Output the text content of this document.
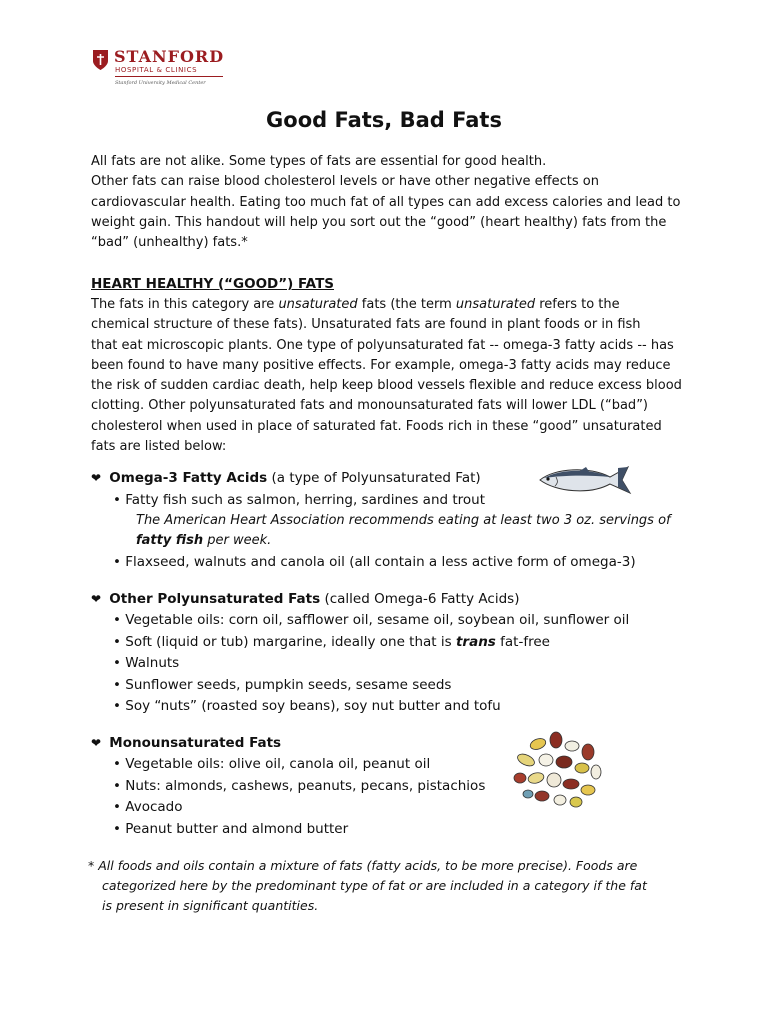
STANFORD
HOSPITAL & CLINICS
Stanford University Medical Center
Good Fats, Bad Fats
All fats are not alike. Some types of fats are essential for good health.
Other fats can raise blood cholesterol levels or have other negative effects on
cardiovascular health. Eating too much fat of all types can add excess calories and lead to
weight gain. This handout will help you sort out the “good” (heart healthy) fats from the
“bad” (unhealthy) fats.*
HEART HEALTHY (“GOOD”) FATS
The fats in this category are unsaturated fats (the term unsaturated refers to the
chemical structure of these fats). Unsaturated fats are found in plant foods or in fish
that eat microscopic plants. One type of polyunsaturated fat -- omega-3 fatty acids -- has
been found to have many positive effects. For example, omega-3 fatty acids may reduce
the risk of sudden cardiac death, help keep blood vessels flexible and reduce excess blood
clotting. Other polyunsaturated fats and monounsaturated fats will lower LDL (“bad”)
cholesterol when used in place of saturated fat. Foods rich in these “good” unsaturated
fats are listed below:
❤ Omega-3 Fatty Acids (a type of Polyunsaturated Fat)
• Fatty fish such as salmon, herring, sardines and trout
The American Heart Association recommends eating at least two 3 oz. servings of
fatty fish per week.
• Flaxseed, walnuts and canola oil (all contain a less active form of omega-3)
❤ Other Polyunsaturated Fats (called Omega-6 Fatty Acids)
• Vegetable oils: corn oil, safflower oil, sesame oil, soybean oil, sunflower oil
• Soft (liquid or tub) margarine, ideally one that is trans fat-free
• Walnuts
• Sunflower seeds, pumpkin seeds, sesame seeds
• Soy “nuts” (roasted soy beans), soy nut butter and tofu
❤ Monounsaturated Fats
• Vegetable oils: olive oil, canola oil, peanut oil
• Nuts: almonds, cashews, peanuts, pecans, pistachios
• Avocado
• Peanut butter and almond butter
* All foods and oils contain a mixture of fats (fatty acids, to be more precise). Foods are
categorized here by the predominant type of fat or are included in a category if the fat
is present in significant quantities.
